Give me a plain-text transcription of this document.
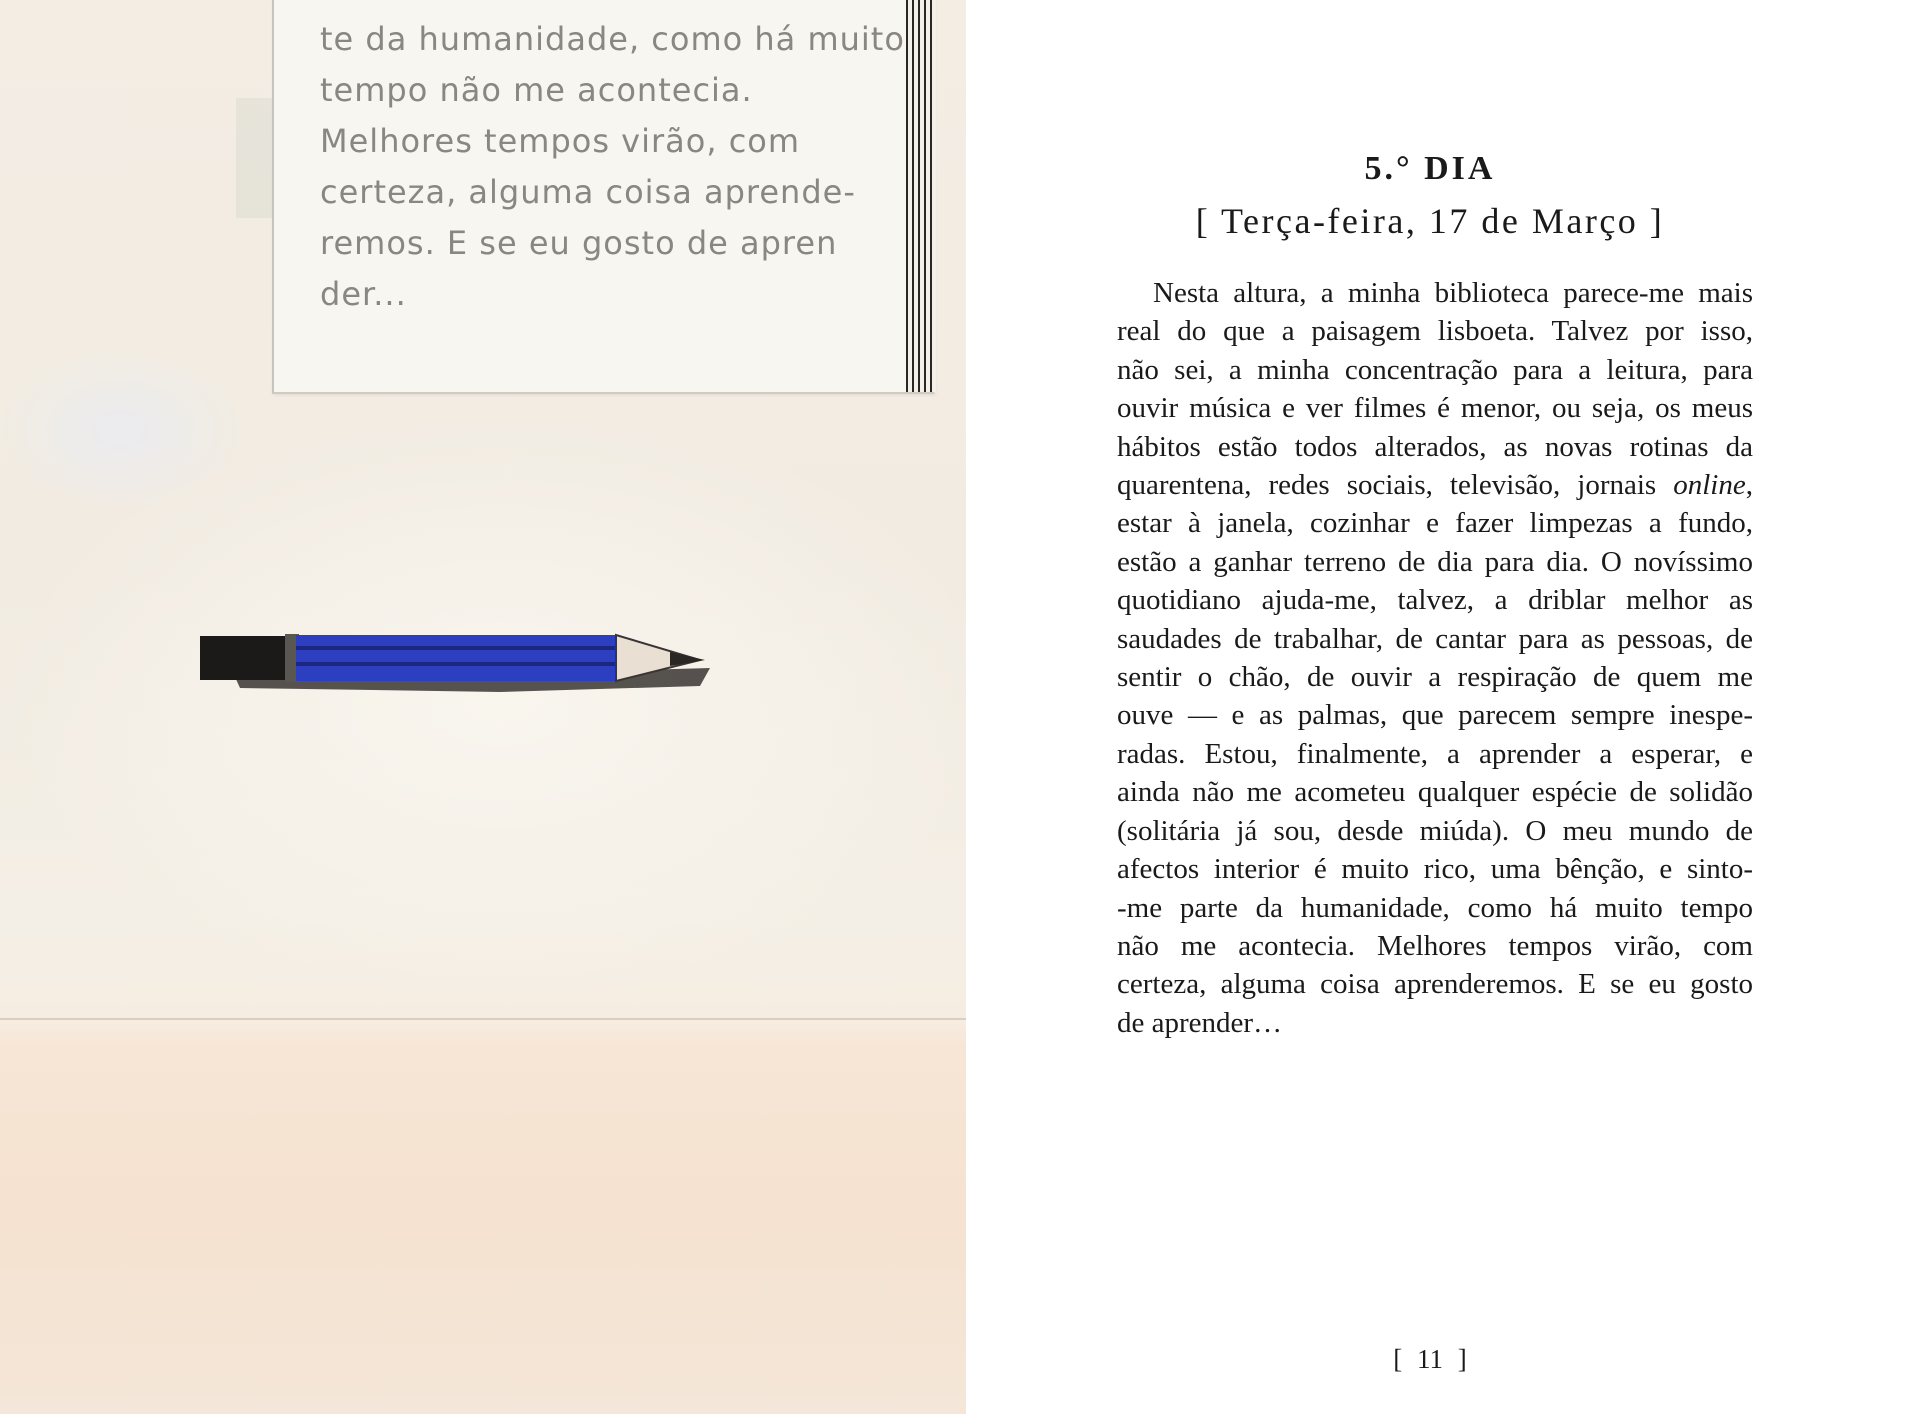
te da humanidade, como há muito
tempo não me acontecia.
Melhores tempos virão, com
certeza, alguma coisa aprende-
remos. E se eu gosto de apren
der...
5.° DIA
[ Terça-feira, 17 de Março ]
Nesta altura, a minha biblioteca parece-me mais
real do que a paisagem lisboeta. Talvez por isso,
não sei, a minha concentração para a leitura, para
ouvir música e ver filmes é menor, ou seja, os meus
hábitos estão todos alterados, as novas rotinas da
quarentena, redes sociais, televisão, jornais online,
estar à janela, cozinhar e fazer limpezas a fundo,
estão a ganhar terreno de dia para dia. O novíssimo
quotidiano ajuda-me, talvez, a driblar melhor as
saudades de trabalhar, de cantar para as pessoas, de
sentir o chão, de ouvir a respiração de quem me
ouve — e as palmas, que parecem sempre inespe-
radas. Estou, finalmente, a aprender a esperar, e
ainda não me acometeu qualquer espécie de solidão
(solitária já sou, desde miúda). O meu mundo de
afectos interior é muito rico, uma bênção, e sinto-
-me parte da humanidade, como há muito tempo
não me acontecia. Melhores tempos virão, com
certeza, alguma coisa aprenderemos. E se eu gosto
de aprender…
[ 11 ]
